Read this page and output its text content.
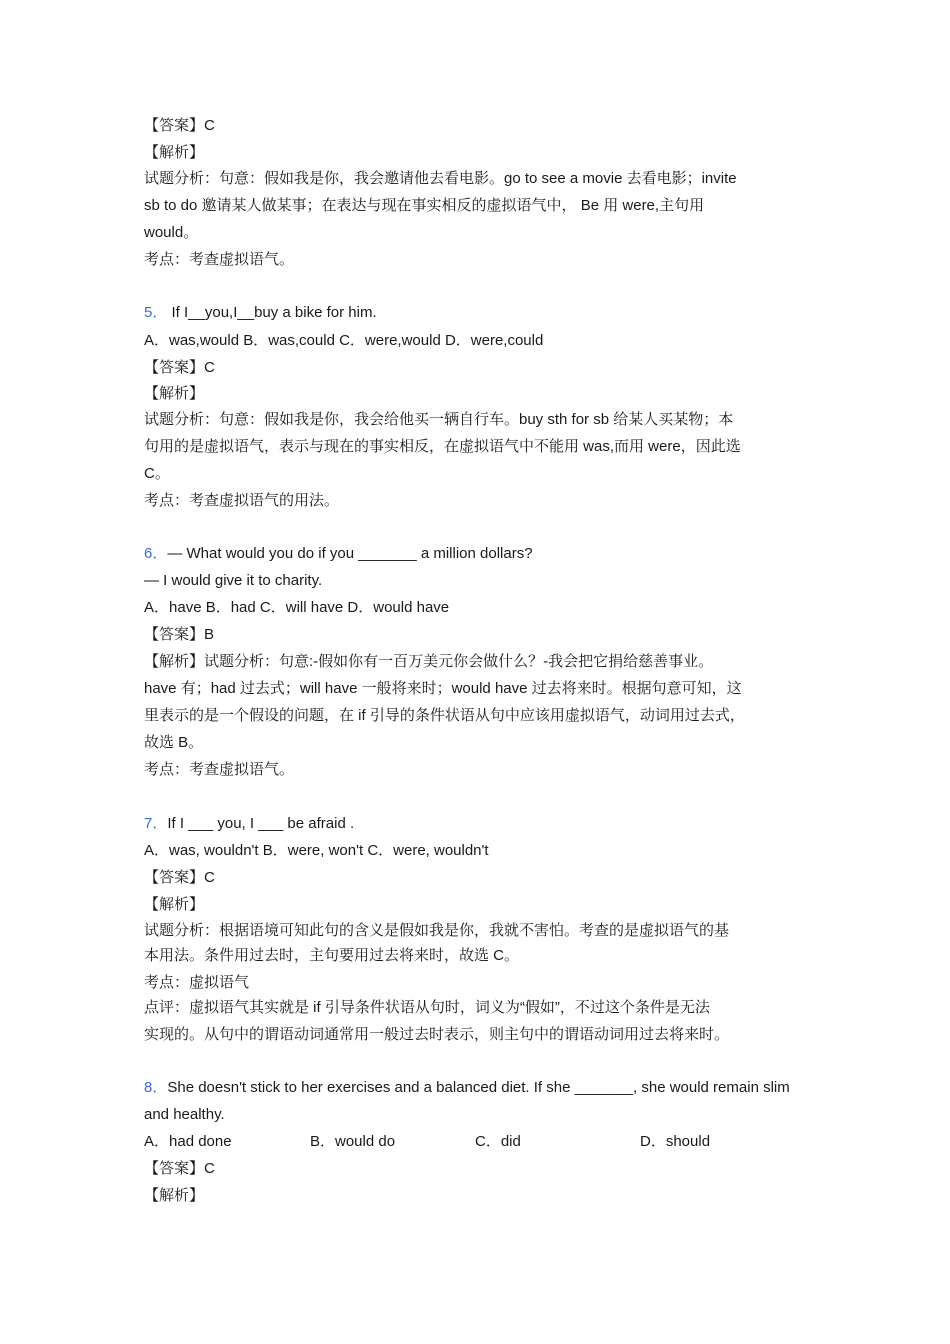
【答案】C
【解析】
试题分析：句意：假如我是你，我会邀请他去看电影。go to see a movie 去看电影；invite
sb to do 邀请某人做某事；在表达与现在事实相反的虚拟语气中， Be 用 were,主句用
would。
考点：考查虚拟语气。
5． If I__you,I__buy a bike for him.
A．was,would B．was,could C．were,would D．were,could
【答案】C
【解析】
试题分析：句意：假如我是你，我会给他买一辆自行车。buy sth for sb 给某人买某物；本
句用的是虚拟语气，表示与现在的事实相反，在虚拟语气中不能用 was,而用 were，因此选
C。
考点：考查虚拟语气的用法。
6．— What would you do if you _______ a million dollars?
— I would give it to charity.
A．have B．had C．will have D．would have
【答案】B
【解析】试题分析：句意:-假如你有一百万美元你会做什么？-我会把它捐给慈善事业。
have 有；had 过去式；will have 一般将来时；would have 过去将来时。根据句意可知，这
里表示的是一个假设的问题，在 if 引导的条件状语从句中应该用虚拟语气，动词用过去式，
故选 B。
考点：考查虚拟语气。
7．If I ___ you, I ___ be afraid .
A．was, wouldn't B．were, won't C．were, wouldn't
【答案】C
【解析】
试题分析：根据语境可知此句的含义是假如我是你，我就不害怕。考查的是虚拟语气的基
本用法。条件用过去时，主句要用过去将来时，故选 C。
考点：虚拟语气
点评：虚拟语气其实就是 if 引导条件状语从句时，词义为“假如”，不过这个条件是无法
实现的。从句中的谓语动词通常用一般过去时表示，则主句中的谓语动词用过去将来时。
8．She doesn't stick to her exercises and a balanced diet. If she _______, she would remain slim
and healthy.
A．had done	B．would do	C．did	D．should
【答案】C
【解析】
